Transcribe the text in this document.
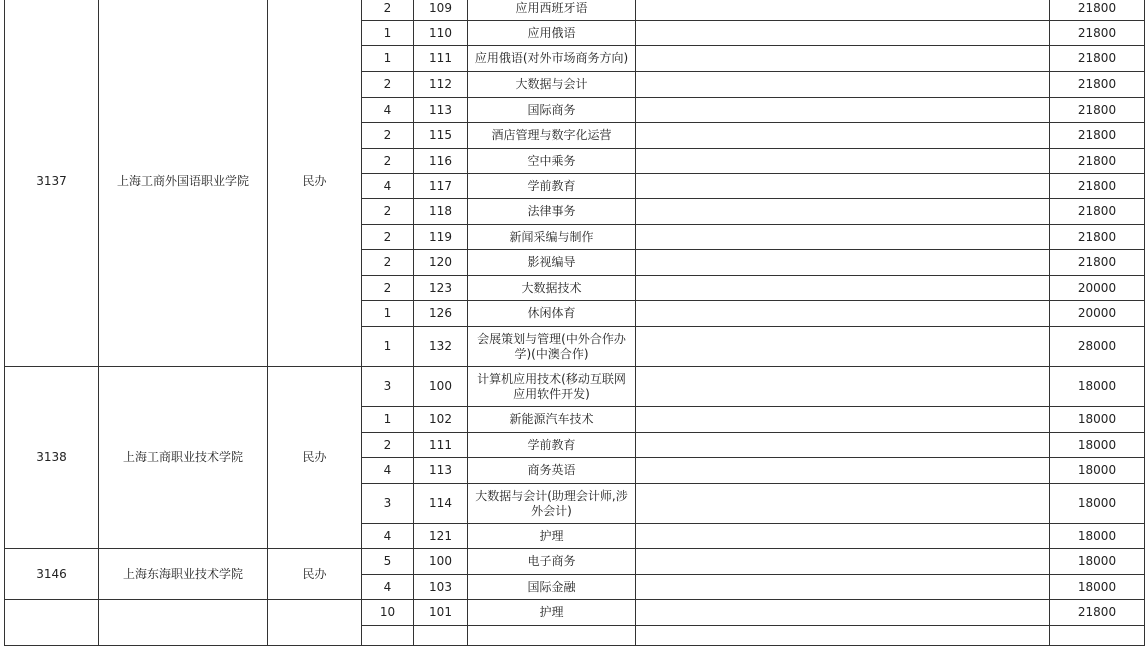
3137	上海工商外国语职业学院	民办	2	109	应用西班牙语		21800
			1	110	应用俄语		21800
			1	111	应用俄语(对外市场商务方向)		21800
			2	112	大数据与会计		21800
			4	113	国际商务		21800
			2	115	酒店管理与数字化运营		21800
			2	116	空中乘务		21800
			4	117	学前教育		21800
			2	118	法律事务		21800
			2	119	新闻采编与制作		21800
			2	120	影视编导		21800
			2	123	大数据技术		20000
			1	126	休闲体育		20000
			1	132	会展策划与管理(中外合作办学)(中澳合作)		28000
3138	上海工商职业技术学院	民办	3	100	计算机应用技术(移动互联网应用软件开发)		18000
			1	102	新能源汽车技术		18000
			2	111	学前教育		18000
			4	113	商务英语		18000
			3	114	大数据与会计(助理会计师,涉外会计)		18000
			4	121	护理		18000
3146	上海东海职业技术学院	民办	5	100	电子商务		18000
			4	103	国际金融		18000
			10	101	护理		21800
